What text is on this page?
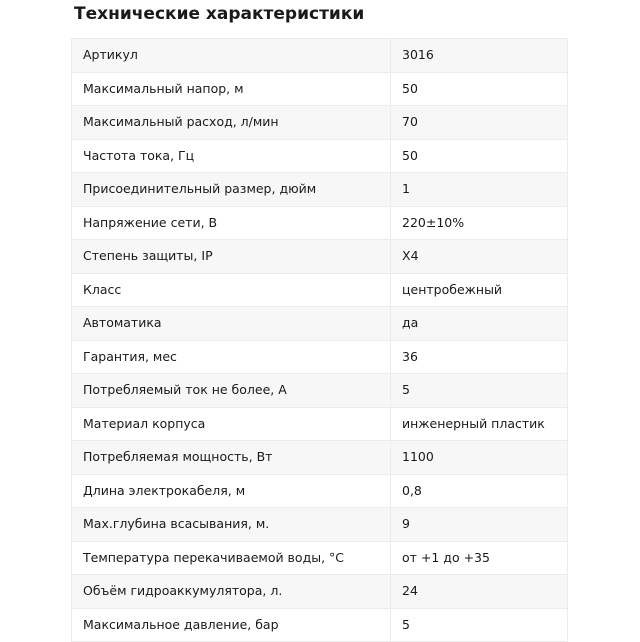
Технические характеристики
Артикул	3016
Максимальный напор, м	50
Максимальный расход, л/мин	70
Частота тока, Гц	50
Присоединительный размер, дюйм	1
Напряжение сети, В	220±10%
Степень защиты, IP	X4
Класс	центробежный
Автоматика	да
Гарантия, мес	36
Потребляемый ток не более, А	5
Материал корпуса	инженерный пластик
Потребляемая мощность, Вт	1100
Длина электрокабеля, м	0,8
Max.глубина всасывания, м.	9
Температура перекачиваемой воды, °С	от +1 до +35
Объём гидроаккумулятора, л.	24
Максимальное давление, бар	5
